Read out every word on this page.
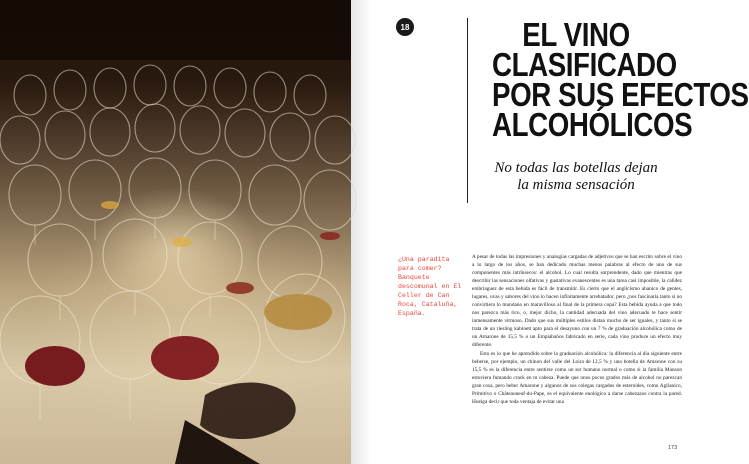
18	EL VINO
CLASIFICADO
POR SUS EFECTOS
ALCOHÓLICOS
No todas las botellas dejan
la misma sensación
¿Una paradita para comer? Banquete descomunal en El Celler de Can Roca, Cataluña, España.

A pesar de todas las impresiones y analogías cargadas de adjetivos que se han escrito sobre el vino a lo largo de los años, se han dedicado muchas menos palabras al efecto de uno de sus componentes más intrínsecos: el alcohol. Lo cual resulta sorprendente, dado que mientras que describir las sensaciones olfativas y gustativas evanescentes es una tarea casi imposible, la calidez embriaguez de esta bebida es fácil de transmitir. Es cierto que el anglicismo abanico de gentes, lugares, uvas y sabores del vino lo hacen infinitamente arrebatador, pero ¿nos fascinaría tanto si no convirtiera lo mundano en maravilloso al final de la primera copa? Esta bebida ayuda a que todo nos parezca más rico, o, mejor dicho, la cantidad adecuada del vino adecuado te hace sentir inmensamente virtuoso. Dado que sus múltiples estilos distan mucho de ser iguales, y tanto si se trata de un riesling kabinett apto para el desayuno con un 7 % de graduación alcohólica como de un Amarone de 15,5 % o un Empiabaños fabricado en serie, cada vino produce un efecto muy diferente.

Esto es lo que he aprendido sobre la graduación alcohólica: la diferencia al día siguiente entre beberse, por ejemplo, un chinon del valle del Loira de 12,5 % y una botella de Amarone con su 15,5 % es la diferencia entre sentirse como un ser humano normal o como si la familia Manson estuviera fumando crack en tu cabeza. Puede que unos pocos grados más de alcohol no parezcan gran cosa, pero beber Amarone y algunos de sus colegas cargados de esteroides, como Aglianico, Primitivo o Châteauneuf-du-Pape, es el equivalente enológico a darse cabezazos contra la pared. Hueiga decir que toda ventaja de evitar una

173
